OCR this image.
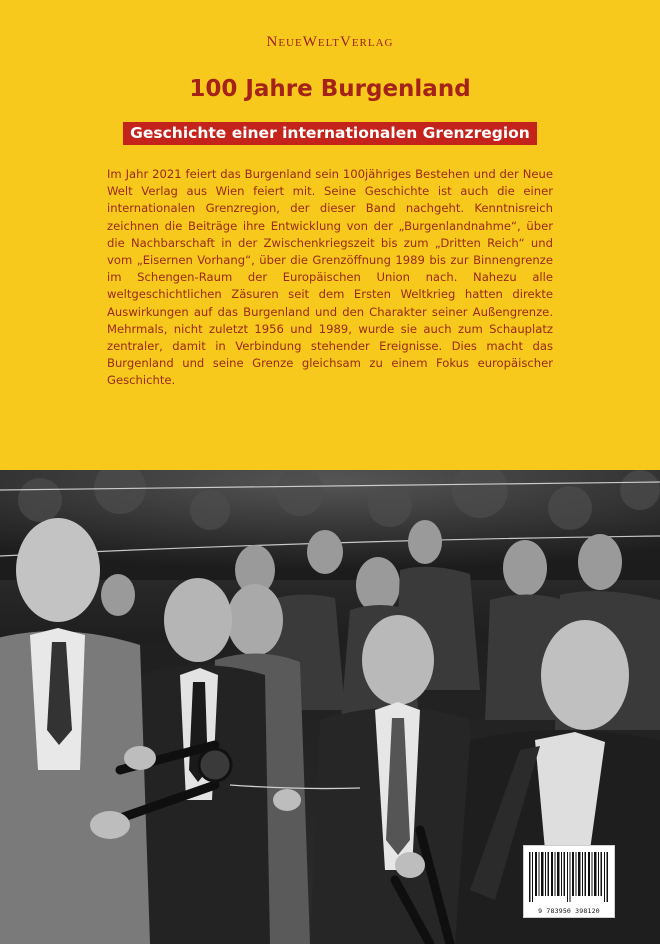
NeueWeltVerlag
100 Jahre Burgenland
Geschichte einer internationalen Grenzregion

Im Jahr 2021 feiert das Burgenland sein 100jähriges Bestehen und der Neue Welt Verlag aus Wien feiert mit. Seine Geschichte ist auch die einer internationalen Grenzregion, der dieser Band nachgeht. Kenntnisreich zeichnen die Beiträge ihre Entwicklung von der „Burgenlandnahme“, über die Nachbarschaft in der Zwischenkriegszeit bis zum „Dritten Reich“ und vom „Eisernen Vorhang“, über die Grenzöffnung 1989 bis zur Binnengrenze im Schengen-Raum der Europäischen Union nach. Nahezu alle weltgeschichtlichen Zäsuren seit dem Ersten Weltkrieg hatten direkte Auswirkungen auf das Burgenland und den Charakter seiner Außengrenze. Mehrmals, nicht zuletzt 1956 und 1989, wurde sie auch zum Schauplatz zentraler, damit in Verbindung stehender Ereignisse. Dies macht das Burgenland und seine Grenze gleichsam zu einem Fokus europäischer Geschichte.

9 783950 398120
